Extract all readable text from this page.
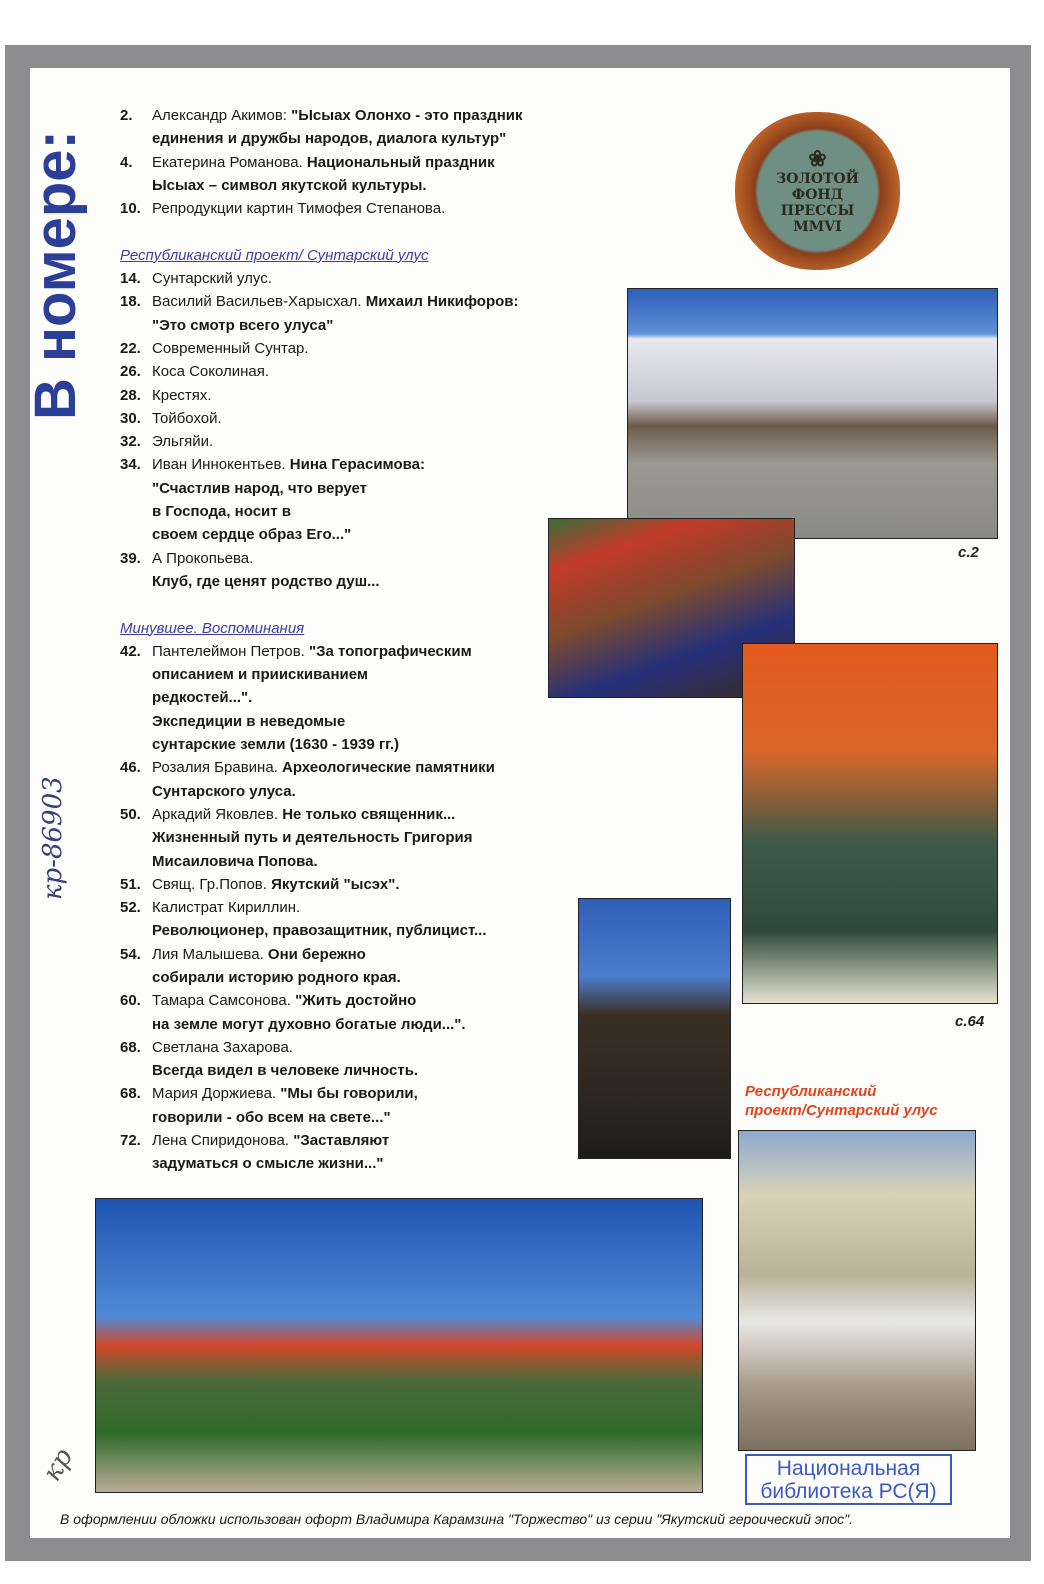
В номере:
кр-86903
кр
2. Александр Акимов: "Ысыах Олонхо - это праздник
единения и дружбы народов, диалога культур"
4. Екатерина Романова. Национальный праздник
Ысыах – символ якутской культуры.
10. Репродукции картин Тимофея Степанова.
Республиканский проект/ Сунтарский улус
14. Сунтарский улус.
18. Василий Васильев-Харысхал. Михаил Никифоров:
"Это смотр всего улуса"
22. Современный Сунтар.
26. Коса Соколиная.
28. Крестях.
30. Тойбохой.
32. Эльгяйи.
34. Иван Иннокентьев. Нина Герасимова:
"Счастлив народ, что верует
в Господа, носит в
своем сердце образ Его..."
39. А Прокопьева.
Клуб, где ценят родство душ...
Минувшее. Воспоминания
42. Пантелеймон Петров. "За топографическим
описанием и приискиванием
редкостей...".
Экспедиции в неведомые
сунтарские земли (1630 - 1939 гг.)
46. Розалия Бравина. Археологические памятники
Сунтарского улуса.
50. Аркадий Яковлев. Не только священник...
Жизненный путь и деятельность Григория
Мисаиловича Попова.
51. Свящ. Гр.Попов. Якутский "ысэх".
52. Калистрат Кириллин.
Революционер, правозащитник, публицист...
54. Лия Малышева. Они бережно
собирали историю родного края.
60. Тамара Самсонова. "Жить достойно
на земле могут духовно богатые люди...".
68. Светлана Захарова.
Всегда видел в человеке личность.
68. Мария Доржиева. "Мы бы говорили,
говорили - обо всем на свете..."
72. Лена Спиридонова. "Заставляют
задуматься о смысле жизни..."
❀
ЗОЛОТОЙ
ФОНД
ПРЕССЫ
MMVI
с.2
с.64
Республиканский
проект/Сунтарский улус
Национальная
библиотека РС(Я)
В оформлении обложки использован офорт Владимира Карамзина "Торжество" из серии "Якутский героический эпос".
